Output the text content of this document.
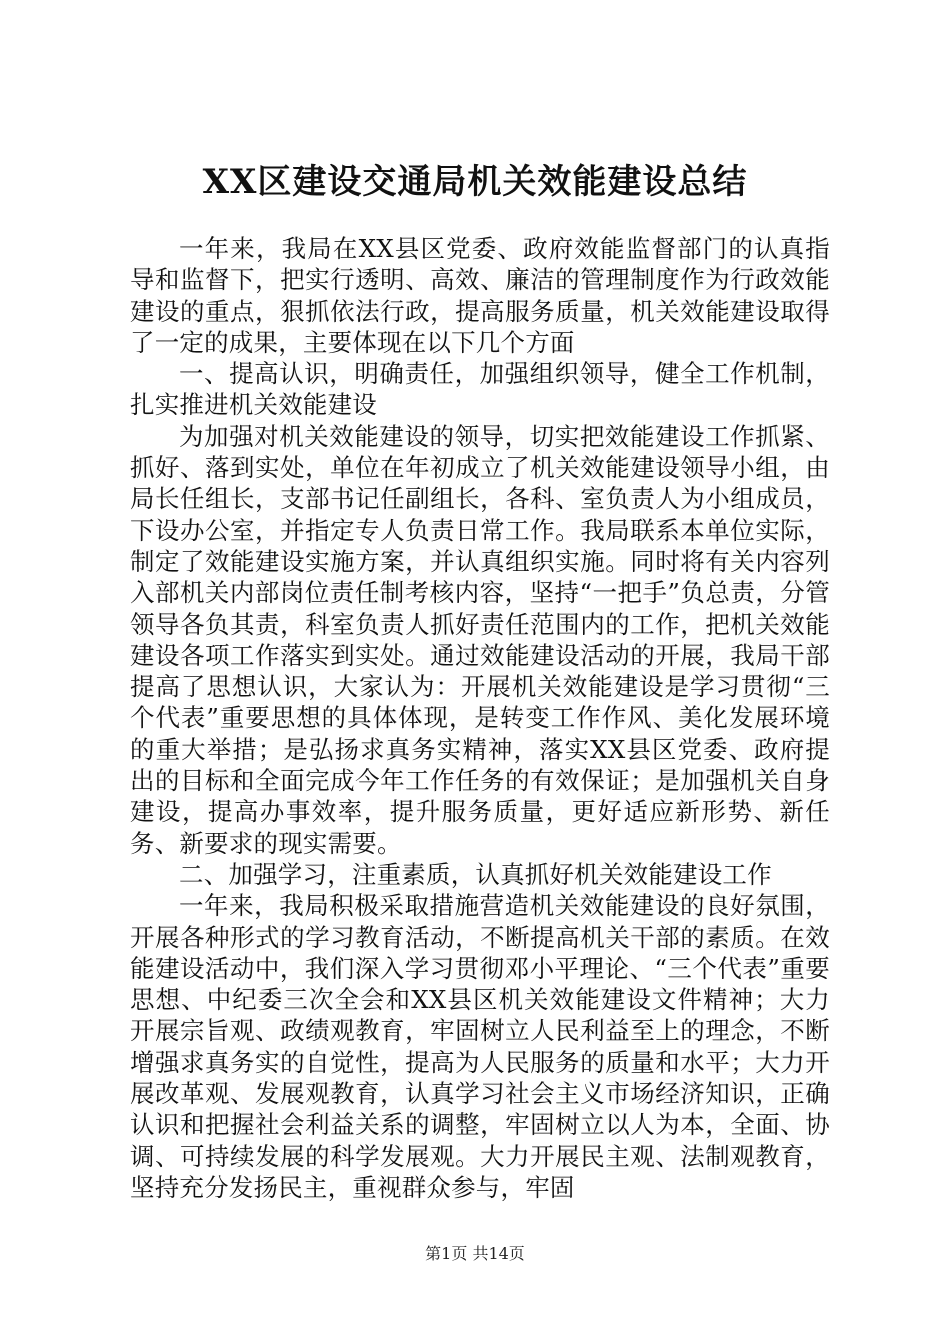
XX区建设交通局机关效能建设总结

一年来，我局在XX县区党委、政府效能监督部门的认真指导和监督下，把实行透明、高效、廉洁的管理制度作为行政效能建设的重点，狠抓依法行政，提高服务质量，机关效能建设取得了一定的成果，主要体现在以下几个方面

一、提高认识，明确责任，加强组织领导，健全工作机制，扎实推进机关效能建设

为加强对机关效能建设的领导，切实把效能建设工作抓紧、抓好、落到实处，单位在年初成立了机关效能建设领导小组，由局长任组长，支部书记任副组长，各科、室负责人为小组成员，下设办公室，并指定专人负责日常工作。我局联系本单位实际，制定了效能建设实施方案，并认真组织实施。同时将有关内容列入部机关内部岗位责任制考核内容，坚持“一把手”负总责，分管领导各负其责，科室负责人抓好责任范围内的工作，把机关效能建设各项工作落实到实处。通过效能建设活动的开展，我局干部提高了思想认识，大家认为：开展机关效能建设是学习贯彻“三个代表”重要思想的具体体现，是转变工作作风、美化发展环境的重大举措；是弘扬求真务实精神，落实XX县区党委、政府提出的目标和全面完成今年工作任务的有效保证；是加强机关自身建设，提高办事效率，提升服务质量，更好适应新形势、新任务、新要求的现实需要。

二、加强学习，注重素质，认真抓好机关效能建设工作

一年来，我局积极采取措施营造机关效能建设的良好氛围，开展各种形式的学习教育活动，不断提高机关干部的素质。在效能建设活动中，我们深入学习贯彻邓小平理论、“三个代表”重要思想、中纪委三次全会和XX县区机关效能建设文件精神；大力开展宗旨观、政绩观教育，牢固树立人民利益至上的理念，不断增强求真务实的自觉性，提高为人民服务的质量和水平；大力开展改革观、发展观教育，认真学习社会主义市场经济知识，正确认识和把握社会利益关系的调整，牢固树立以人为本，全面、协调、可持续发展的科学发展观。大力开展民主观、法制观教育，坚持充分发扬民主，重视群众参与，牢固

第1页 共14页
